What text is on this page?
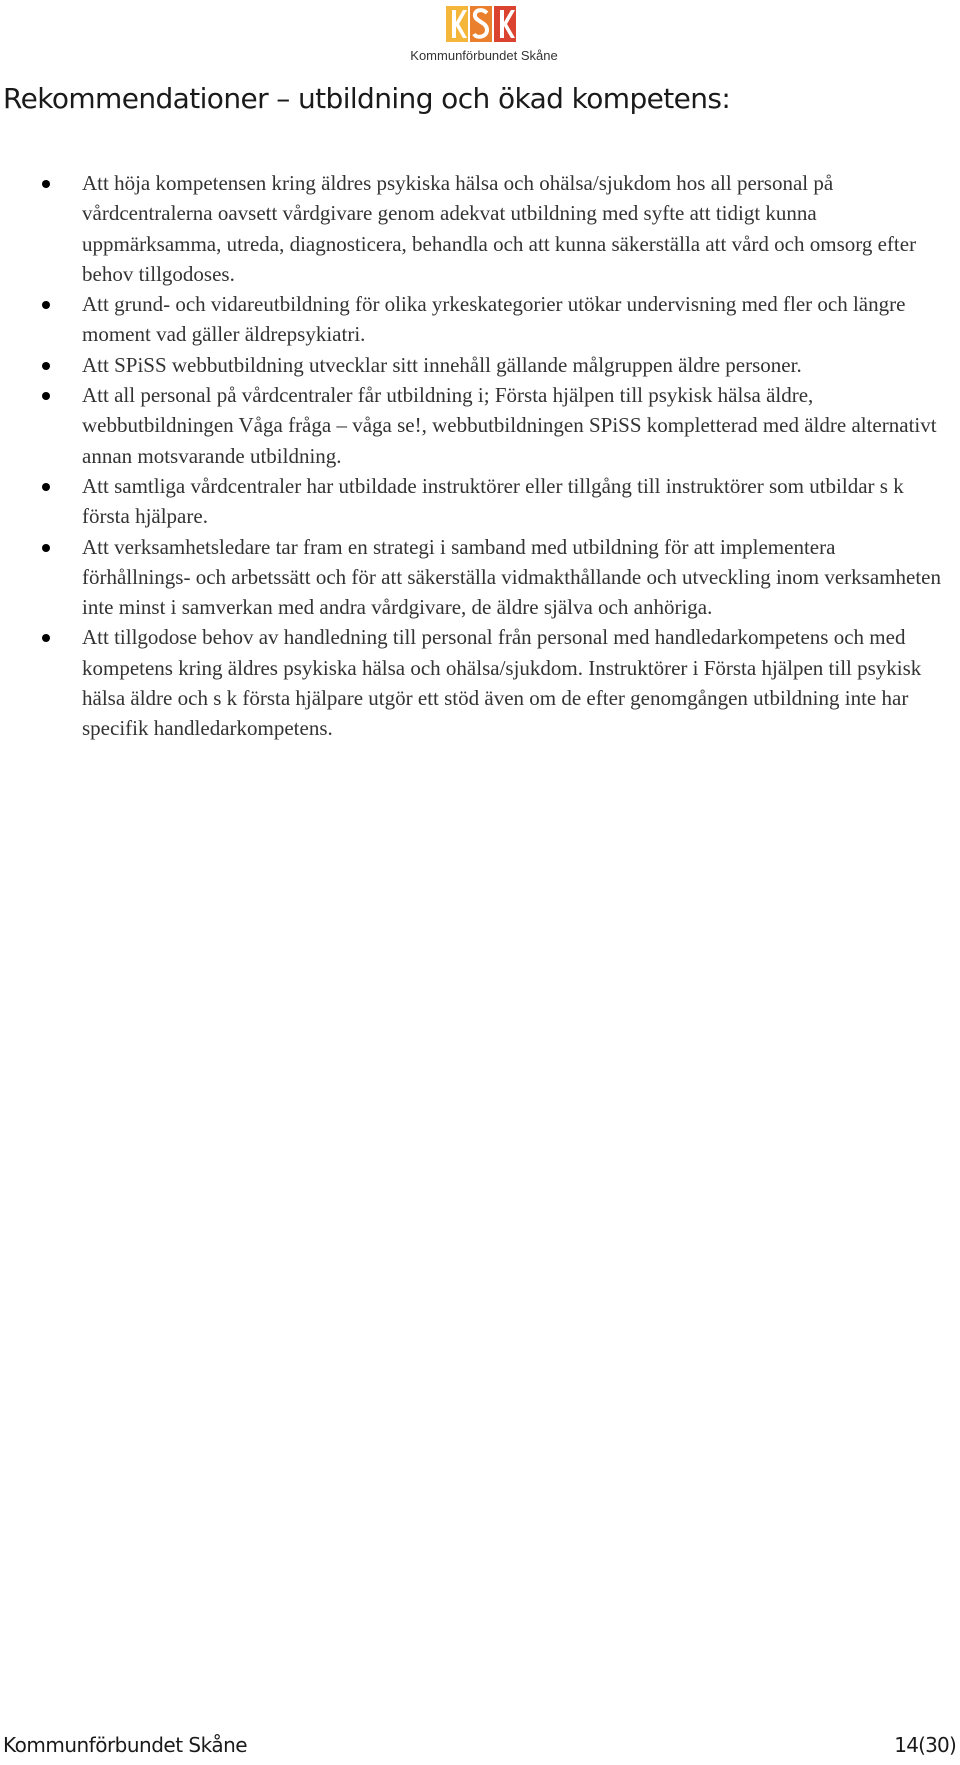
Kommunförbundet Skåne
Rekommendationer – utbildning och ökad kompetens:
Att höja kompetensen kring äldres psykiska hälsa och ohälsa/sjukdom hos all personal på vårdcentralerna oavsett vårdgivare genom adekvat utbildning med syfte att tidigt kunna uppmärksamma, utreda, diagnosticera, behandla och att kunna säkerställa att vård och omsorg efter behov tillgodoses.
Att grund- och vidareutbildning för olika yrkeskategorier utökar undervisning med fler och längre moment vad gäller äldrepsykiatri.
Att SPiSS webbutbildning utvecklar sitt innehåll gällande målgruppen äldre personer.
Att all personal på vårdcentraler får utbildning i; Första hjälpen till psykisk hälsa äldre, webbutbildningen Våga fråga – våga se!, webbutbildningen SPiSS kompletterad med äldre alternativt annan motsvarande utbildning.
Att samtliga vårdcentraler har utbildade instruktörer eller tillgång till instruktörer som utbildar s k första hjälpare.
Att verksamhetsledare tar fram en strategi i samband med utbildning för att implementera förhållnings- och arbetssätt och för att säkerställa vidmakthållande och utveckling inom verksamheten inte minst i samverkan med andra vårdgivare, de äldre själva och anhöriga.
Att tillgodose behov av handledning till personal från personal med handledarkompetens och med kompetens kring äldres psykiska hälsa och ohälsa/sjukdom. Instruktörer i Första hjälpen till psykisk hälsa äldre och s k första hjälpare utgör ett stöd även om de efter genomgången utbildning inte har specifik handledarkompetens.
Kommunförbundet Skåne	14(30)
